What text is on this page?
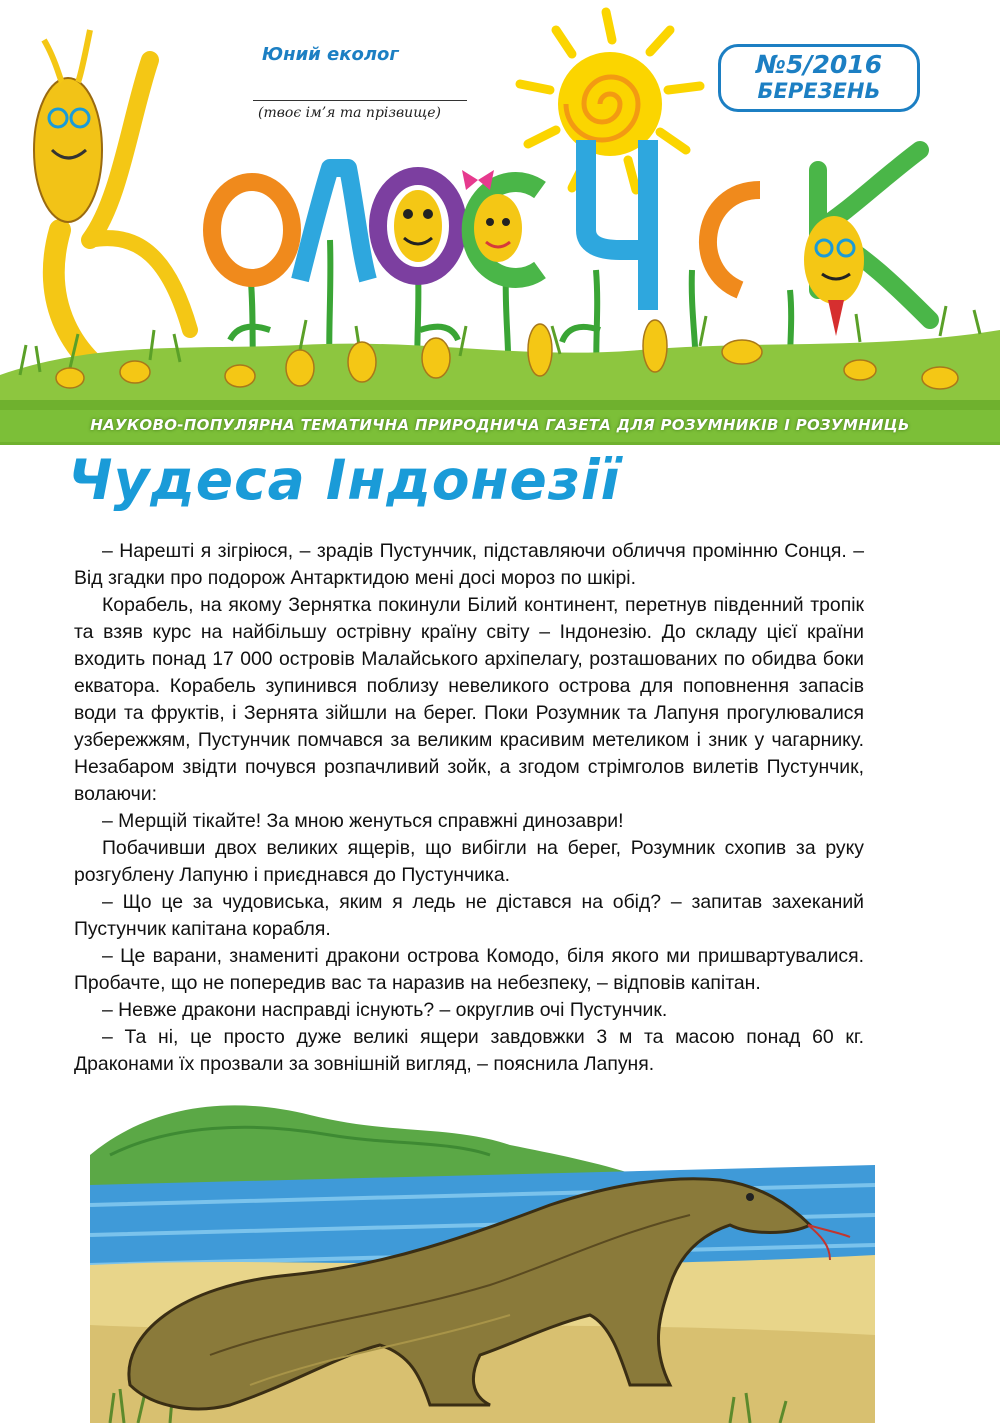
Юний еколог
(твоє ім’я та прізвище)
№5/2016
БЕРЕЗЕНЬ
НАУКОВО-ПОПУЛЯРНА ТЕМАТИЧНА ПРИРОДНИЧА ГАЗЕТА ДЛЯ РОЗУМНИКІВ І РОЗУМНИЦЬ
Чудеса Індонезії

– Нарешті я зігріюся, – зрадів Пустунчик, підставляючи обличчя промінню Сонця. – Від згадки про подорож Антарктидою мені досі мороз по шкірі.

Корабель, на якому Зернятка покинули Білий континент, перетнув південний тропік та взяв курс на найбільшу острівну країну світу – Індонезію. До складу цієї країни входить понад 17 000 островів Малайського архіпелагу, розташованих по обидва боки екватора. Корабель зупинився поблизу невеликого острова для поповнення запасів води та фруктів, і Зернята зійшли на берег. Поки Розумник та Лапуня прогулювалися узбережжям, Пустунчик помчався за великим красивим метеликом і зник у чагарнику. Незабаром звідти почувся розпачливий зойк, а згодом стрімголов вилетів Пустунчик, волаючи:

– Мерщій тікайте! За мною женуться справжні динозаври!

Побачивши двох великих ящерів, що вибігли на берег, Розумник схопив за руку розгублену Лапуню і приєднався до Пустунчика.

– Що це за чудовиська, яким я ледь не дістався на обід? – запитав захеканий Пустунчик капітана корабля.

– Це варани, знамениті дракони острова Комодо, біля якого ми пришвартувалися. Пробачте, що не попередив вас та наразив на небезпеку, – відповів капітан.

– Невже дракони насправді існують? – округлив очі Пустунчик.

– Та ні, це просто дуже великі ящери завдовжки 3 м та масою понад 60 кг. Драконами їх прозвали за зовнішній вигляд, – пояснила Лапуня.
